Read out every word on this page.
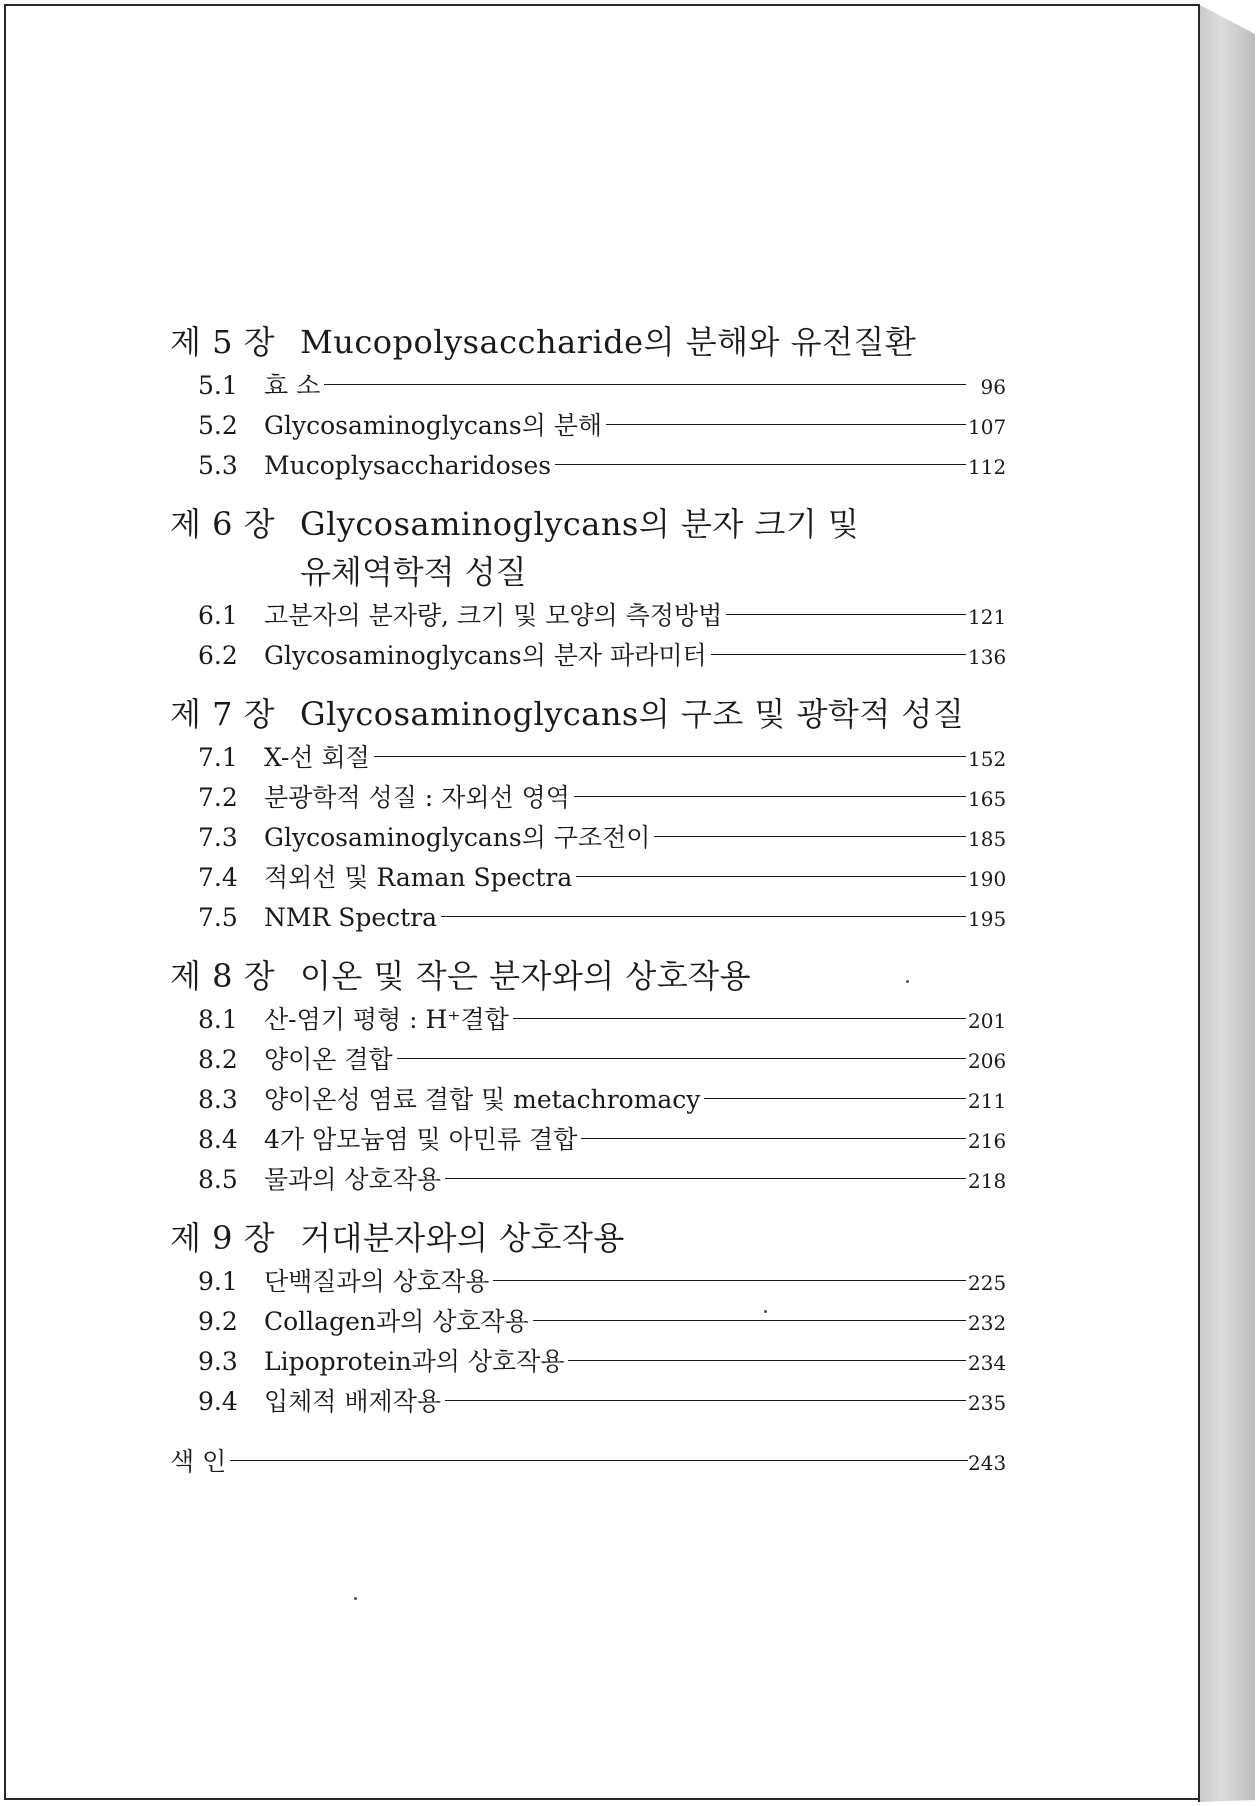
제 5 장 Mucopolysaccharide의 분해와 유전질환
5.1	효 소	96
5.2	Glycosaminoglycans의 분해	107
5.3	Mucoplysaccharidoses	112
제 6 장 Glycosaminoglycans의 분자 크기 및
유체역학적 성질
6.1	고분자의 분자량, 크기 및 모양의 측정방법	121
6.2	Glycosaminoglycans의 분자 파라미터	136
제 7 장 Glycosaminoglycans의 구조 및 광학적 성질
7.1	X-선 회절	152
7.2	분광학적 성질 : 자외선 영역	165
7.3	Glycosaminoglycans의 구조전이	185
7.4	적외선 및 Raman Spectra	190
7.5	NMR Spectra	195
제 8 장 이온 및 작은 분자와의 상호작용
8.1	산-염기 평형 : H⁺결합	201
8.2	양이온 결합	206
8.3	양이온성 염료 결합 및 metachromacy	211
8.4	4가 암모늄염 및 아민류 결합	216
8.5	물과의 상호작용	218
제 9 장 거대분자와의 상호작용
9.1	단백질과의 상호작용	225
9.2	Collagen과의 상호작용	232
9.3	Lipoprotein과의 상호작용	234
9.4	입체적 배제작용	235
색 인	243
